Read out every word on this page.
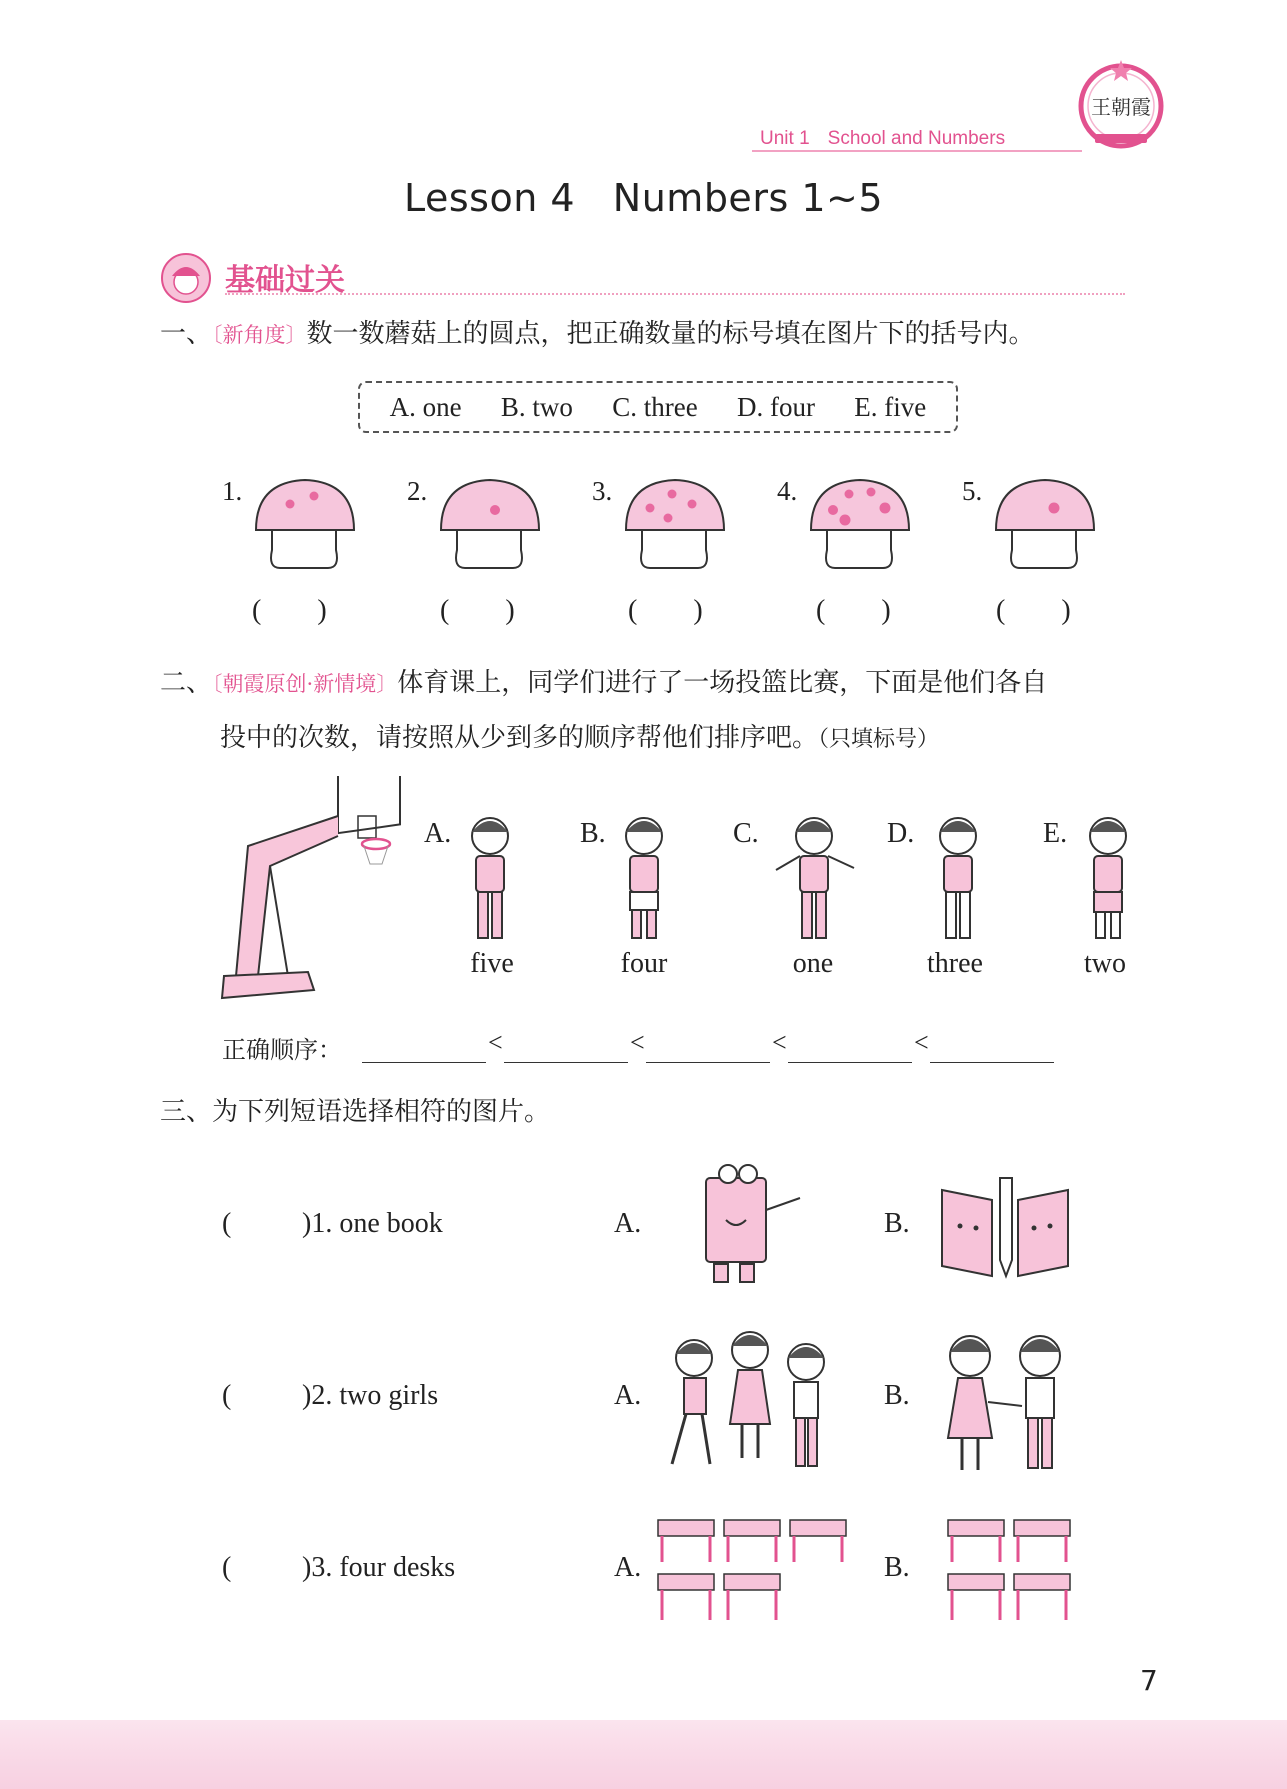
Unit 1 School and Numbers
王朝霞
Lesson 4   Numbers 1~5
基础过关
一、〔新角度〕数一数蘑菇上的圆点，把正确数量的标号填在图片下的括号内。
A. one B. two C. three D. four E. five
1.	2.	3.	4.	5.
(        )	(        )	(        )	(        )	(        )
二、〔朝霞原创·新情境〕体育课上，同学们进行了一场投篮比赛，下面是他们各自
投中的次数，请按照从少到多的顺序帮他们排序吧。（只填标号）
A.	B.	C.	D.	E.
five	four	one	three	two
正确顺序：	<	<	<	<
三、为下列短语选择相符的图片。
(	)1. one book	A.	B.
(	)2. two girls	A.	B.
(	)3. four desks	A.	B.
7
